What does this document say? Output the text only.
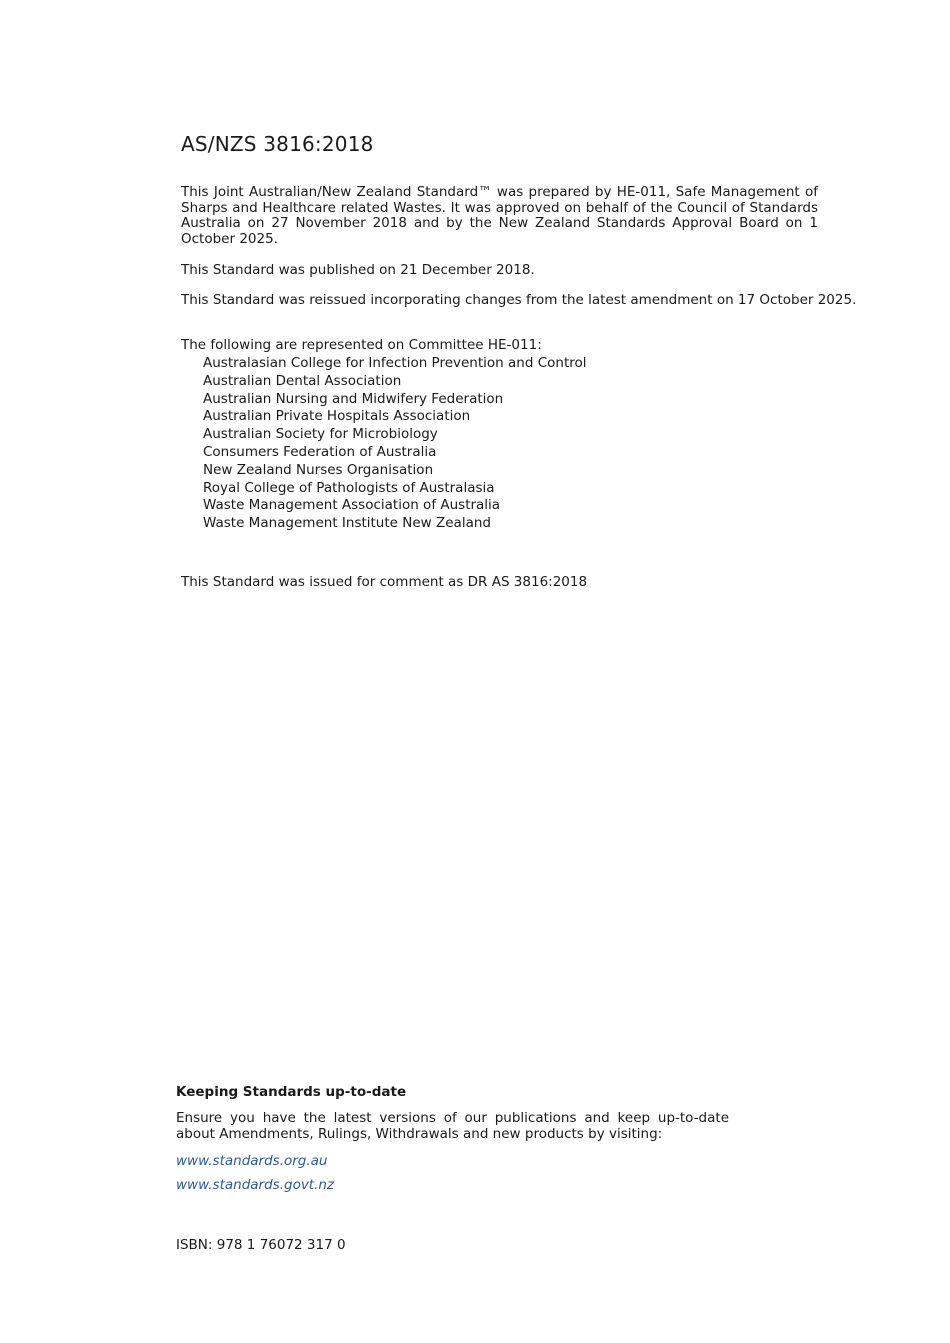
AS/NZS 3816:2018

This Joint Australian/New Zealand Standard™ was prepared by HE-011, Safe Management of Sharps and Healthcare related Wastes. It was approved on behalf of the Council of Standards Australia on 27 November 2018 and by the New Zealand Standards Approval Board on 1 October 2025.

This Standard was published on 21 December 2018.

This Standard was reissued incorporating changes from the latest amendment on 17 October 2025.

The following are represented on Committee HE-011:

Australasian College for Infection Prevention and Control
Australian Dental Association
Australian Nursing and Midwifery Federation
Australian Private Hospitals Association
Australian Society for Microbiology
Consumers Federation of Australia
New Zealand Nurses Organisation
Royal College of Pathologists of Australasia
Waste Management Association of Australia
Waste Management Institute New Zealand

This Standard was issued for comment as DR AS 3816:2018

Keeping Standards up-to-date

Ensure you have the latest versions of our publications and keep up-to-date about Amendments, Rulings, Withdrawals and new products by visiting:

www.standards.org.au
www.standards.govt.nz

ISBN: 978 1 76072 317 0
